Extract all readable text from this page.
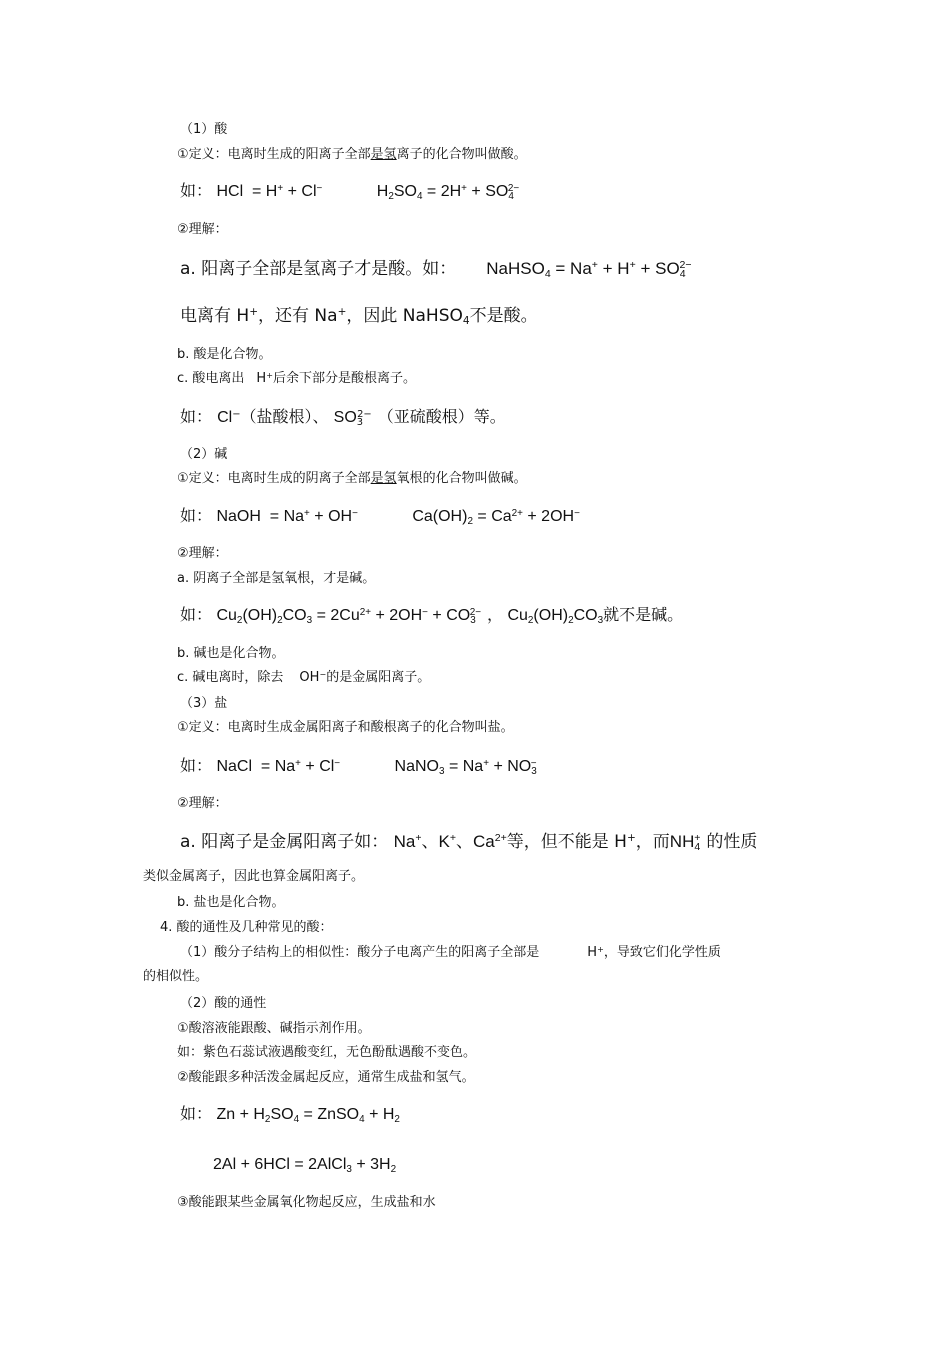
（1）酸
①定义：电离时生成的阳离子全部是氢离子的化合物叫做酸。
如： HCl  = H+ + Cl−	$H_2SO_4 = 2H^+ + SO_4^{2-}$
②理解：
a. 阳离子全部是氢离子才是酸。如： NaHSO$_4$ = $Na^+ + H^+ + SO_4^{2-}$
电离有 H+，还有 Na+，因此 NaHSO$_4$不是酸。
b. 酸是化合物。
c. 酸电离出 H+后余下部分是酸根离子。
如： Cl−（盐酸根）、 $SO_3^{2-}$ （亚硫酸根）等。
（2）碱
①定义：电离时生成的阴离子全部是氢氧根的化合物叫做碱。
如： NaOH  = Na+ + OH−	$Ca(OH)_2 = Ca^{2+} + 2OH^-$
②理解：
a. 阴离子全部是氢氧根，才是碱。
如： $Cu_2(OH)_2CO_3 = 2Cu^{2+} + 2OH^- + CO_3^{2-}$ ， $Cu_2(OH)_2CO_3$就不是碱。
b. 碱也是化合物。
c. 碱电离时，除去 OH−的是金属阳离子。
（3）盐
①定义：电离时生成金属阳离子和酸根离子的化合物叫盐。
如： NaCl  = Na+ + Cl−	NaNO$_3$ = $Na^+ + NO_3^-$
②理解：
a. 阳离子是金属阳离子如： Na+、K+、$Ca^{2+}$等，但不能是 H+，而$NH_4^+$ 的性质
类似金属离子，因此也算金属阳离子。
b. 盐也是化合物。
4. 酸的通性及几种常见的酸：
（1）酸分子结构上的相似性：酸分子电离产生的阳离子全部是	H+，导致它们化学性质
的相似性。
（2）酸的通性
①酸溶液能跟酸、碱指示剂作用。
如：紫色石蕊试液遇酸变红，无色酚酞遇酸不变色。
②酸能跟多种活泼金属起反应，通常生成盐和氢气。
如： $Zn + H_2SO_4$ = ZnSO$_4$ + $H_2$
2Al + 6HCl = 2AlCl$_3$ + $3H_2$
③酸能跟某些金属氧化物起反应，生成盐和水
